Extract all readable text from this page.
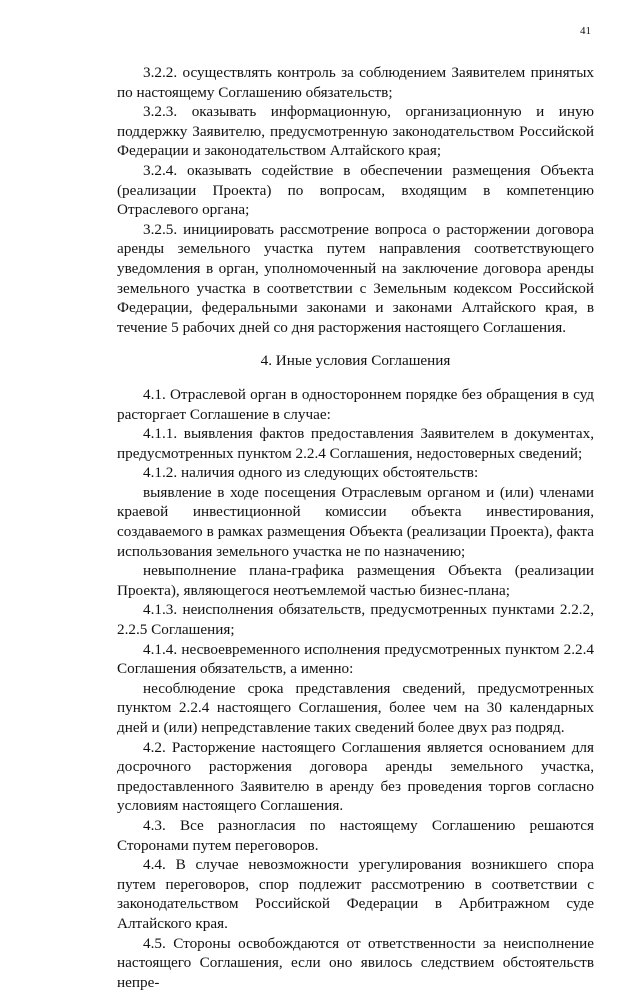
41

3.2.2. осуществлять контроль за соблюдением Заявителем принятых по настоящему Соглашению обязательств;

3.2.3. оказывать информационную, организационную и иную поддержку Заявителю, предусмотренную законодательством Российской Федерации и законодательством Алтайского края;

3.2.4. оказывать содействие в обеспечении размещения Объекта (реализации Проекта) по вопросам, входящим в компетенцию Отраслевого органа;

3.2.5. инициировать рассмотрение вопроса о расторжении договора аренды земельного участка путем направления соответствующего уведомления в орган, уполномоченный на заключение договора аренды земельного участка в соответствии с Земельным кодексом Российской Федерации, федеральными законами и законами Алтайского края, в течение 5 рабочих дней со дня расторжения настоящего Соглашения.

4. Иные условия Соглашения

4.1. Отраслевой орган в одностороннем порядке без обращения в суд расторгает Соглашение в случае:

4.1.1. выявления фактов предоставления Заявителем в документах, предусмотренных пунктом 2.2.4 Соглашения, недостоверных сведений;

4.1.2. наличия одного из следующих обстоятельств:

выявление в ходе посещения Отраслевым органом и (или) членами краевой инвестиционной комиссии объекта инвестирования, создаваемого в рамках размещения Объекта (реализации Проекта), факта использования земельного участка не по назначению;

невыполнение плана-графика размещения Объекта (реализации Проекта), являющегося неотъемлемой частью бизнес-плана;

4.1.3. неисполнения обязательств, предусмотренных пунктами 2.2.2, 2.2.5 Соглашения;

4.1.4. несвоевременного исполнения предусмотренных пунктом 2.2.4 Соглашения обязательств, а именно:

несоблюдение срока представления сведений, предусмотренных пунктом 2.2.4 настоящего Соглашения, более чем на 30 календарных дней и (или) непредставление таких сведений более двух раз подряд.

4.2. Расторжение настоящего Соглашения является основанием для досрочного расторжения договора аренды земельного участка, предоставленного Заявителю в аренду без проведения торгов согласно условиям настоящего Соглашения.

4.3. Все разногласия по настоящему Соглашению решаются Сторонами путем переговоров.

4.4. В случае невозможности урегулирования возникшего спора путем переговоров, спор подлежит рассмотрению в соответствии с законодательством Российской Федерации в Арбитражном суде Алтайского края.

4.5. Стороны освобождаются от ответственности за неисполнение настоящего Соглашения, если оно явилось следствием обстоятельств непре-
